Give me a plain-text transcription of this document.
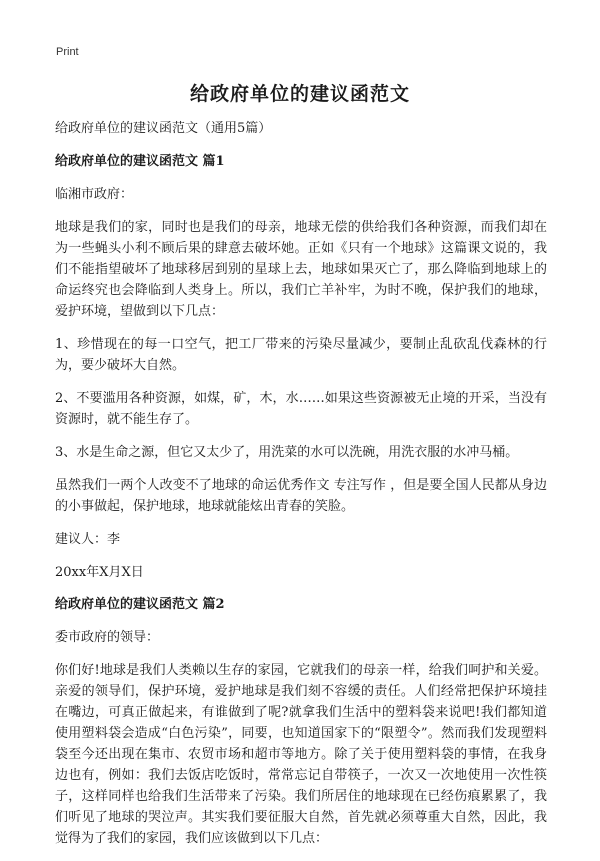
Print
给政府单位的建议函范文

给政府单位的建议函范文（通用5篇）

给政府单位的建议函范文 篇1

临湘市政府：

地球是我们的家，同时也是我们的母亲，地球无偿的供给我们各种资源，而我们却在为一些蝇头小利不顾后果的肆意去破坏她。正如《只有一个地球》这篇课文说的，我们不能指望破坏了地球移居到别的星球上去，地球如果灭亡了，那么降临到地球上的命运终究也会降临到人类身上。所以，我们亡羊补牢，为时不晚，保护我们的地球，爱护环境，望做到以下几点：

1、珍惜现在的每一口空气，把工厂带来的污染尽量减少，要制止乱砍乱伐森林的行为，要少破坏大自然。

2、不要滥用各种资源，如煤，矿，木，水……如果这些资源被无止境的开采，当没有资源时，就不能生存了。

3、水是生命之源，但它又太少了，用洗菜的水可以洗碗，用洗衣服的水冲马桶。

虽然我们一两个人改变不了地球的命运优秀作文 专注写作 ，但是要全国人民都从身边的小事做起，保护地球，地球就能炫出青春的笑脸。

建议人：李

20xx年X月X日

给政府单位的建议函范文 篇2

委市政府的领导：

你们好!地球是我们人类赖以生存的家园，它就我们的母亲一样，给我们呵护和关爱。亲爱的领导们，保护环境，爱护地球是我们刻不容缓的责任。人们经常把保护环境挂在嘴边，可真正做起来，有谁做到了呢?就拿我们生活中的塑料袋来说吧!我们都知道使用塑料袋会造成“白色污染”，同要，也知道国家下的“限塑令”。然而我们发现塑料袋至今还出现在集市、农贸市场和超市等地方。除了关于使用塑料袋的事情，在我身边也有，例如：我们去饭店吃饭时，常常忘记自带筷子，一次又一次地使用一次性筷子，这样同样也给我们生活带来了污染。我们所居住的地球现在已经伤痕累累了，我们听见了地球的哭泣声。其实我们要征服大自然，首先就必须尊重大自然，因此，我觉得为了我们的家园，我们应该做到以下几点：
